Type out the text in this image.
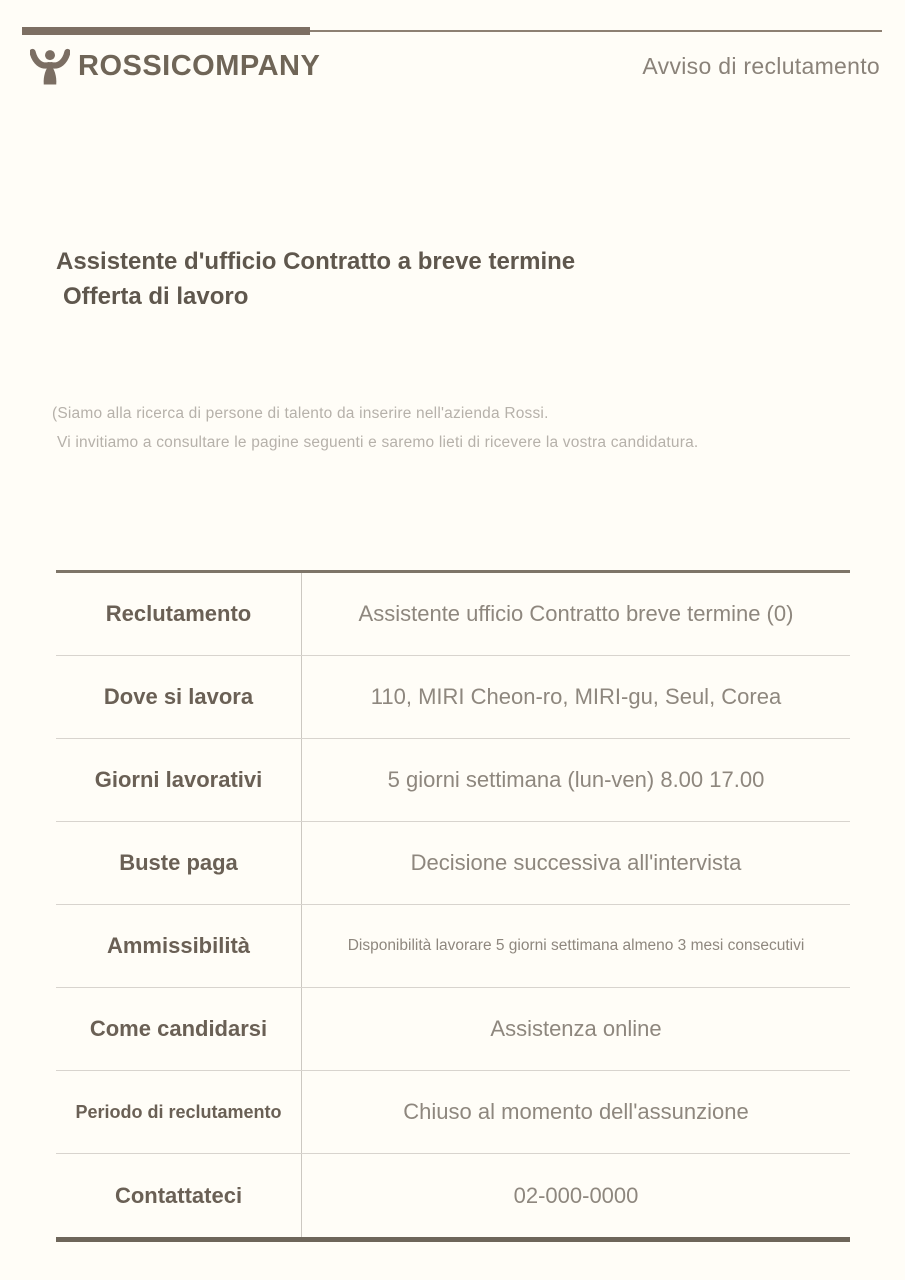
ROSSICOMPANY	Avviso di reclutamento
Assistente d'ufficio Contratto a breve termine
Offerta di lavoro
(Siamo alla ricerca di persone di talento da inserire nell'azienda Rossi.
Vi invitiamo a consultare le pagine seguenti e saremo lieti di ricevere la vostra candidatura.
Reclutamento	Assistente ufficio Contratto breve termine (0)
Dove si lavora	110, MIRI Cheon-ro, MIRI-gu, Seul, Corea
Giorni lavorativi	5 giorni settimana (lun-ven) 8.00 17.00
Buste paga	Decisione successiva all'intervista
Ammissibilità	Disponibilità lavorare 5 giorni settimana almeno 3 mesi consecutivi
Come candidarsi	Assistenza online
Periodo di reclutamento	Chiuso al momento dell'assunzione
Contattateci	02-000-0000
